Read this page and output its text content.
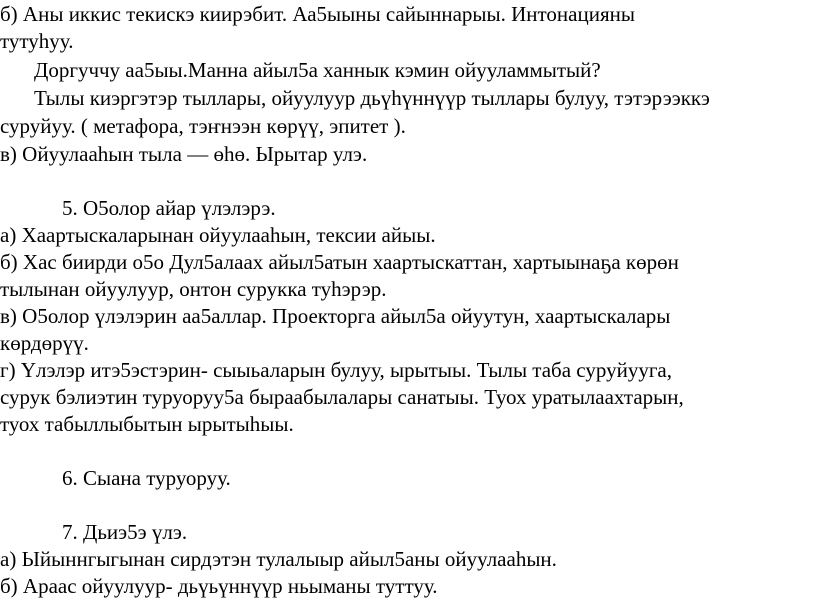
б) Аны иккис текискэ киирэбит. Аа5ыыны сайыннарыы. Интонацияны

тутуhуу.

Доргуччу аа5ыы.Манна айыл5а ханнык кэмин ойууламмытый?

Тылы киэргэтэр тыллары, ойуулуур дьүhүннүүр тыллары булуу, тэтэрээккэ

суруйуу. ( метафора, тэҥнээн көрүү, эпитет ).

в) Ойуулааhын тыла — өhө. Ырытар улэ.

5. О5олор айар үлэлэрэ.

а) Хаартыскаларынан ойуулааhын, тексии айыы.

б) Хас биирди о5о Дул5алаах айыл5атын хаартыскаттан, хартыынаҕа көрөн

тылынан ойуулуур, онтон сурукка туhэрэр.

в) О5олор үлэлэрин аа5аллар. Проекторга айыл5а ойуутун, хаартыскалары

көрдөрүү.

г) Үлэлэр итэ5эстэрин- сыыьаларын булуу, ырытыы. Тылы таба суруйууга,

сурук бэлиэтин туруоруу5а быраабылалары санатыы. Туох уратылаахтарын,

туох табыллыбытын ырытыhыы.

6. Сыана туруоруу.

7. Дьиэ5э үлэ.

а) Ыйыннгыгынан сирдэтэн тулалыыр айыл5аны ойуулааhын.

б) Араас ойуулуур- дьүьүннүүр ньыманы туттуу.
